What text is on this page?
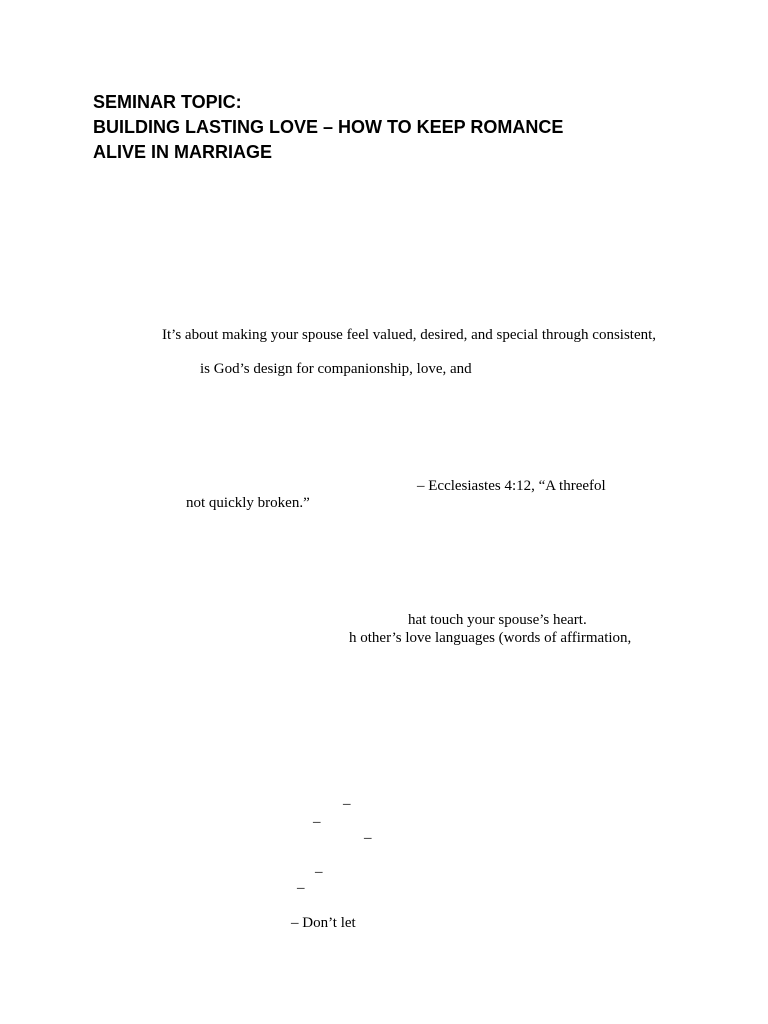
SEMINAR TOPIC:
BUILDING LASTING LOVE – HOW TO KEEP ROMANCE
ALIVE IN MARRIAGE

It’s about making your spouse feel valued, desired, and special through consistent,

is God’s design for companionship, love, and

– Ecclesiastes 4:12, “A threefol

not quickly broken.”

hat touch your spouse’s heart.

h other’s love languages (words of affirmation,

–

–

–

–

–

– Don’t let
